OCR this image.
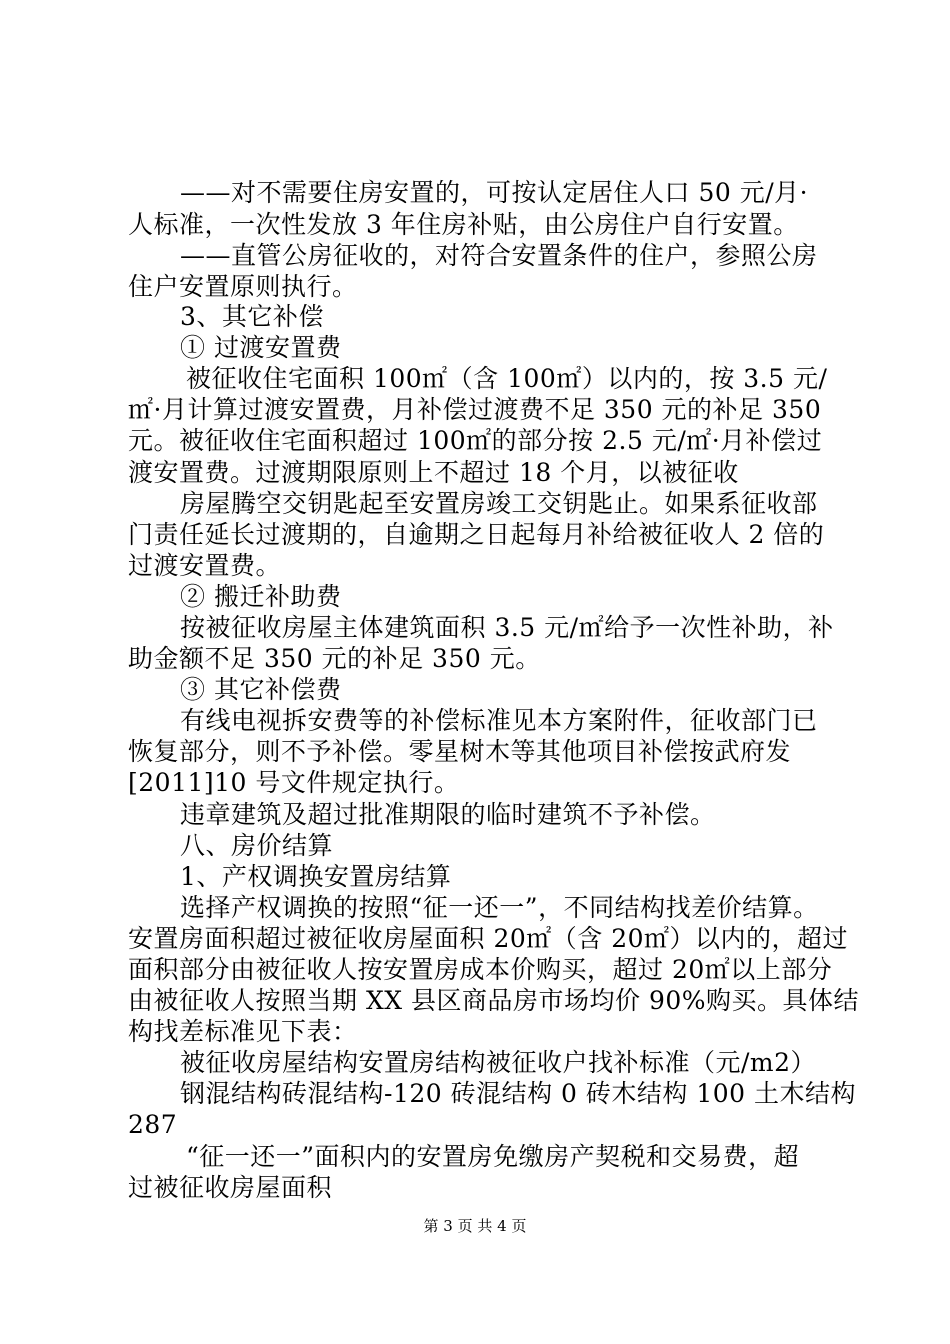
——对不需要住房安置的，可按认定居住人口 50 元/月·
人标准，一次性发放 3 年住房补贴，由公房住户自行安置。
——直管公房征收的，对符合安置条件的住户，参照公房
住户安置原则执行。
3、其它补偿
① 过渡安置费
被征收住宅面积 100㎡（含 100㎡）以内的，按 3.5 元/
㎡·月计算过渡安置费，月补偿过渡费不足 350 元的补足 350
元。被征收住宅面积超过 100㎡的部分按 2.5 元/㎡·月补偿过
渡安置费。过渡期限原则上不超过 18 个月，以被征收
房屋腾空交钥匙起至安置房竣工交钥匙止。如果系征收部
门责任延长过渡期的，自逾期之日起每月补给被征收人 2 倍的
过渡安置费。
② 搬迁补助费
按被征收房屋主体建筑面积 3.5 元/㎡给予一次性补助，补
助金额不足 350 元的补足 350 元。
③ 其它补偿费
有线电视拆安费等的补偿标准见本方案附件，征收部门已
恢复部分，则不予补偿。零星树木等其他项目补偿按武府发
[2011]10 号文件规定执行。
违章建筑及超过批准期限的临时建筑不予补偿。
八、房价结算
1、产权调换安置房结算
选择产权调换的按照“征一还一”，不同结构找差价结算。
安置房面积超过被征收房屋面积 20㎡（含 20㎡）以内的，超过
面积部分由被征收人按安置房成本价购买，超过 20㎡以上部分
由被征收人按照当期 XX 县区商品房市场均价 90%购买。具体结
构找差标准见下表：
被征收房屋结构安置房结构被征收户找补标准（元/m2）
钢混结构砖混结构-120 砖混结构 0 砖木结构 100 土木结构
287
“征一还一”面积内的安置房免缴房产契税和交易费，超
过被征收房屋面积
第 3 页 共 4 页
